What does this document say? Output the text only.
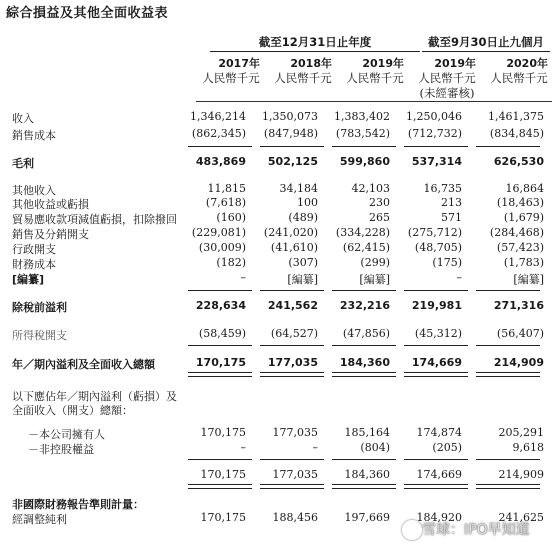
綜合損益及其他全面收益表
截至12月31日止年度	截至9月30日止九個月
2017年	2018年	2019年	2019年	2020年
人民幣千元	人民幣千元	人民幣千元	人民幣千元	人民幣千元
(未經審核)
收入	1,346,214	1,350,073	1,383,402	1,250,046	1,461,375
銷售成本	(862,345)	(847,948)	(783,542)	(712,732)	(834,845)
毛利	483,869	502,125	599,860	537,314	626,530
其他收入	11,815	34,184	42,103	16,735	16,864
其他收益或虧損	(7,618)	100	230	213	(18,463)
貿易應收款項減值虧損，扣除撥回	(160)	(489)	265	571	(1,679)
銷售及分銷開支	(229,081)	(241,020)	(334,228)	(275,712)	(284,468)
行政開支	(30,009)	(41,610)	(62,415)	(48,705)	(57,423)
財務成本	(182)	(307)	(299)	(175)	(1,783)
[編纂]	–	[編纂]	[編纂]	–	[編纂]
除稅前溢利	228,634	241,562	232,216	219,981	271,316
所得稅開支	(58,459)	(64,527)	(47,856)	(45,312)	(56,407)
年／期內溢利及全面收入總額	170,175	177,035	184,360	174,669	214,909
以下應佔年／期內溢利（虧損）及
全面收入（開支）總額：
－本公司擁有人	170,175	177,035	185,164	174,874	205,291
－非控股權益	–	–	(804)	(205)	9,618
170,175	177,035	184,360	174,669	214,909
非國際財務報告準則計量：
經調整純利	170,175	188,456	197,669	184,920	241,625
雪球：IPO早知道
